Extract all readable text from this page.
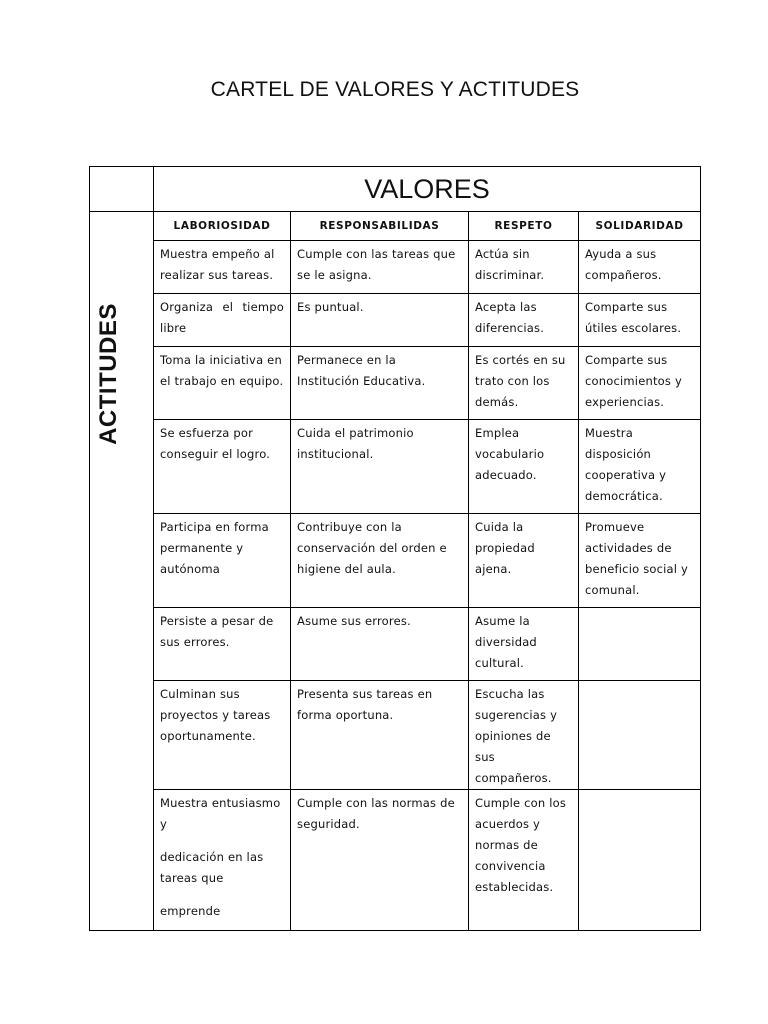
CARTEL DE VALORES Y ACTITUDES
	VALORES			

ACTITUDES	LABORIOSIDAD	RESPONSABILIDAS	RESPETO	SOLIDARIDAD
	Muestra empeño al realizar sus tareas.	Cumple con las tareas que se le asigna.	Actúa sin discriminar.	Ayuda a sus compañeros.
	Organiza el tiempo libre	Es puntual.	Acepta las diferencias.	Comparte sus útiles escolares.
	Toma la iniciativa en el trabajo en equipo.	Permanece en la Institución Educativa.	Es cortés en su trato con los demás.	Comparte sus conocimientos y experiencias.
	Se esfuerza por conseguir el logro.	Cuida el patrimonio institucional.	Emplea vocabulario adecuado.	Muestra disposición cooperativa y democrática.
	Participa en forma permanente y autónoma	Contribuye con la conservación del orden e higiene del aula.	Cuida la propiedad ajena.	Promueve actividades de beneficio social y comunal.
	Persiste a pesar de sus errores.	Asume sus errores.	Asume la diversidad cultural.	
	Culminan sus proyectos y tareas oportunamente.	Presenta sus tareas en forma oportuna.	Escucha las sugerencias y opiniones de sus compañeros.	

	Muestra entusiasmo y

dedicación en las tareas que

emprende	Cumple con las normas de seguridad.	Cumple con los acuerdos y normas de convivencia establecidas.	
